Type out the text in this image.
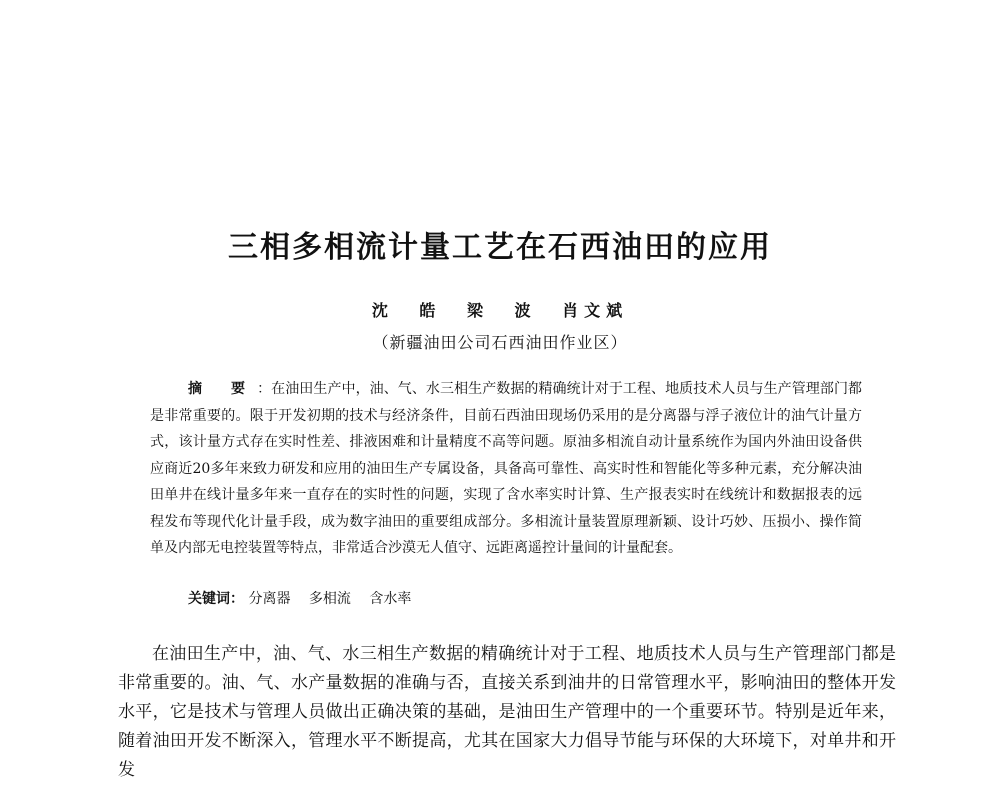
三相多相流计量工艺在石西油田的应用
沈 皓 梁 波 肖文斌
（新疆油田公司石西油田作业区）
摘 要：在油田生产中，油、气、水三相生产数据的精确统计对于工程、地质技术人员与生产管理部门都是非常重要的。限于开发初期的技术与经济条件，目前石西油田现场仍采用的是分离器与浮子液位计的油气计量方式，该计量方式存在实时性差、排液困难和计量精度不高等问题。原油多相流自动计量系统作为国内外油田设备供应商近20多年来致力研发和应用的油田生产专属设备，具备高可靠性、高实时性和智能化等多种元素，充分解决油田单井在线计量多年来一直存在的实时性的问题，实现了含水率实时计算、生产报表实时在线统计和数据报表的远程发布等现代化计量手段，成为数字油田的重要组成部分。多相流计量装置原理新颖、设计巧妙、压损小、操作简单及内部无电控装置等特点，非常适合沙漠无人值守、远距离遥控计量间的计量配套。
关键词： 分离器 多相流 含水率
在油田生产中，油、气、水三相生产数据的精确统计对于工程、地质技术人员与生产管理部门都是非常重要的。油、气、水产量数据的准确与否，直接关系到油井的日常管理水平，影响油田的整体开发水平，它是技术与管理人员做出正确决策的基础，是油田生产管理中的一个重要环节。特别是近年来，随着油田开发不断深入，管理水平不断提高，尤其在国家大力倡导节能与环保的大环境下，对单井和开发
